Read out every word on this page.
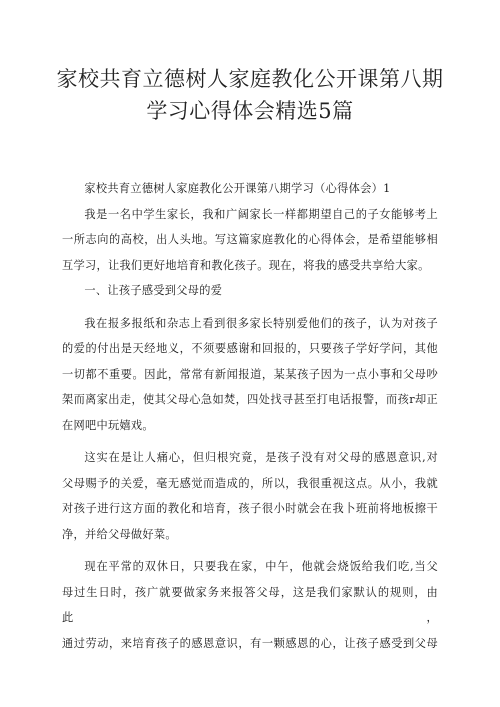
家校共育立德树人家庭教化公开课第八期
学习心得体会精选5篇

家校共育立德树人家庭教化公开课第八期学习（心得体会）1

我是一名中学生家长，我和广阔家长一样都期望自己的子女能够考上

一所志向的高校，出人头地。写这篇家庭教化的心得体会，是希望能够相

互学习，让我们更好地培育和教化孩子。现在，将我的感受共享给大家。

一、让孩子感受到父母的爱

我在报多报纸和杂志上看到很多家长特别爱他们的孩子，认为对孩子

的爱的付出是天经地义，不须要感谢和回报的，只要孩子学好学问，其他

一切都不重要。因此，常常有新闻报道，某某孩子因为一点小事和父母吵

架而离家出走，使其父母心急如焚，四处找寻甚至打电话报警，而孩r却正

在网吧中玩嬉戏。

这实在是让人痛心，但归根究竟，是孩子没有对父母的感恩意识,对

父母赐予的关爱，毫无感觉而造成的，所以，我很重视这点。从小，我就

对孩子进行这方面的教化和培育，孩子很小时就会在我卜班前将地板擦干

净，并给父母做好菜。

现在平常的双休日，只要我在家，中午，他就会烧饭给我们吃,当父

母过生日时，孩广就要做家务来报答父母，这是我们家默认的规则，由此，

通过劳动，来培育孩子的感恩意识，有一颗感恩的心，让孩子感受到父母
